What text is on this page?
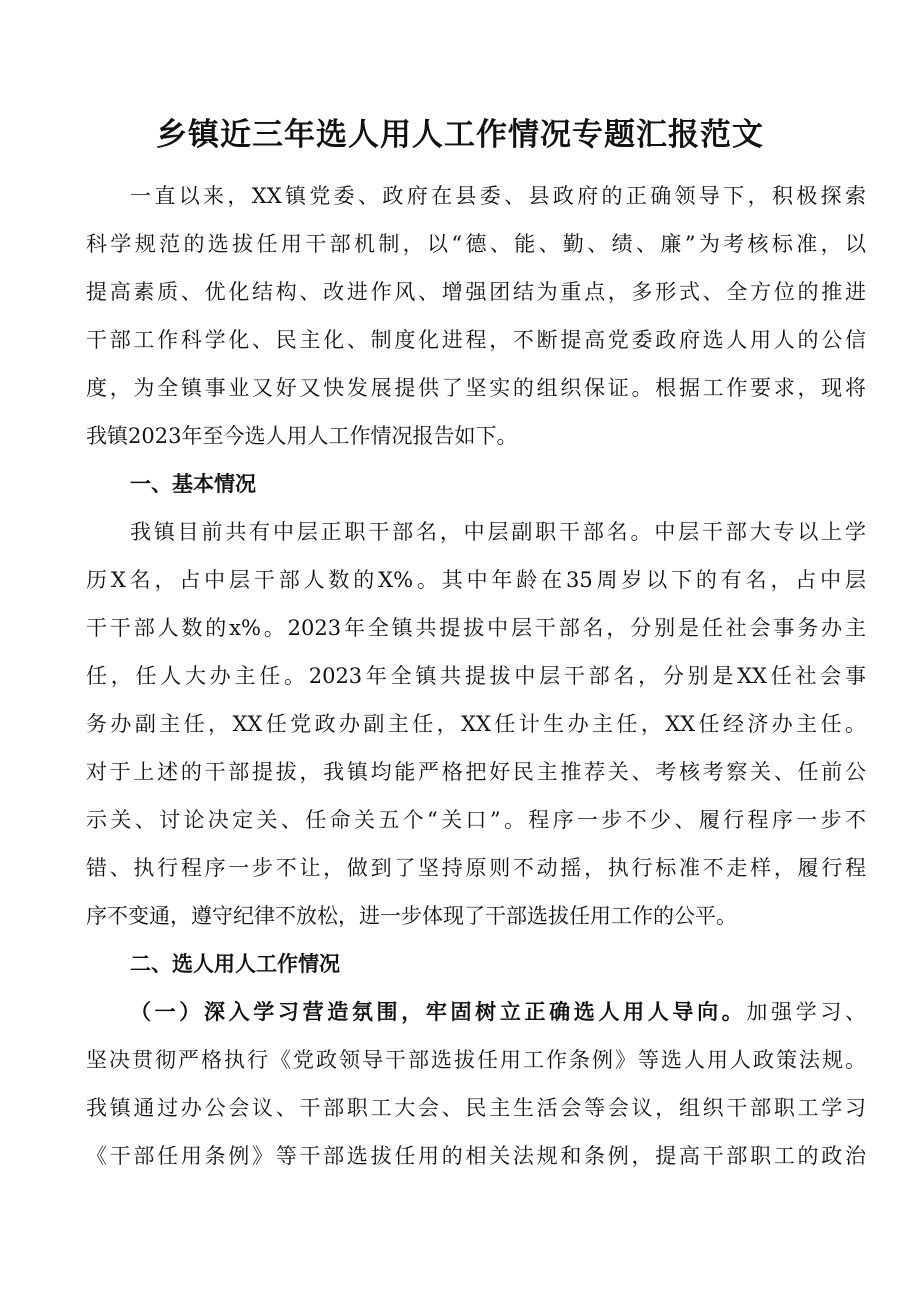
乡镇近三年选人用人工作情况专题汇报范文
一直以来，XX镇党委、政府在县委、县政府的正确领导下，积极探索
科学规范的选拔任用干部机制，以“德、能、勤、绩、廉”为考核标准，以
提高素质、优化结构、改进作风、增强团结为重点，多形式、全方位的推进
干部工作科学化、民主化、制度化进程，不断提高党委政府选人用人的公信
度，为全镇事业又好又快发展提供了坚实的组织保证。根据工作要求，现将
我镇2023年至今选人用人工作情况报告如下。
一、基本情况
我镇目前共有中层正职干部名，中层副职干部名。中层干部大专以上学
历X名，占中层干部人数的X%。其中年龄在35周岁以下的有名，占中层
干干部人数的x%。2023年全镇共提拔中层干部名，分别是任社会事务办主
任，任人大办主任。2023年全镇共提拔中层干部名，分别是XX任社会事
务办副主任，XX任党政办副主任，XX任计生办主任，XX任经济办主任。
对于上述的干部提拔，我镇均能严格把好民主推荐关、考核考察关、任前公
示关、讨论决定关、任命关五个“关口”。程序一步不少、履行程序一步不
错、执行程序一步不让，做到了坚持原则不动摇，执行标准不走样，履行程
序不变通，遵守纪律不放松，进一步体现了干部选拔任用工作的公平。
二、选人用人工作情况
（一）深入学习营造氛围，牢固树立正确选人用人导向。加强学习、
坚决贯彻严格执行《党政领导干部选拔任用工作条例》等选人用人政策法规。
我镇通过办公会议、干部职工大会、民主生活会等会议，组织干部职工学习
《干部任用条例》等干部选拔任用的相关法规和条例，提高干部职工的政治
